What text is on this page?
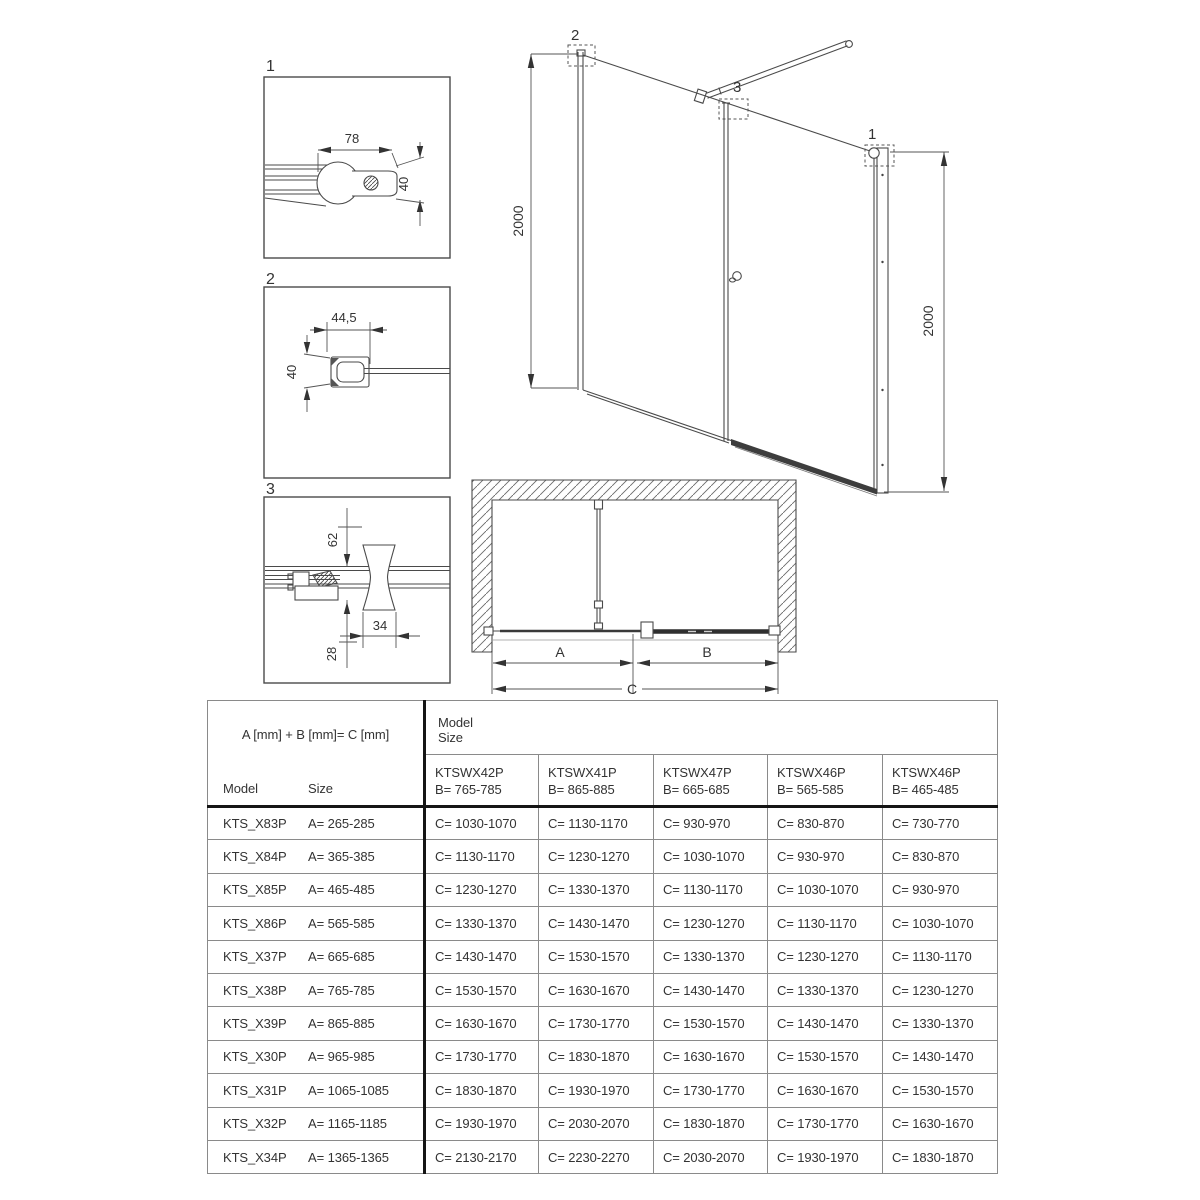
1
78
40
2
44,5
40
3
62
28
34
2
3
1
2000
2000
A	B
C
A [mm] + B [mm]= C [mm]
Model	Size

Model
Size

KTSWX42P
B= 765-785

KTSWX41P
B= 865-885

KTSWX47P
B= 665-685

KTSWX46P
B= 565-585

KTSWX46P
B= 465-485

KTS_X83P A= 265-285	C= 1030-1070	C= 1130-1170	C= 930-970	C= 830-870	C= 730-770
KTS_X84P A= 365-385	C= 1130-1170	C= 1230-1270	C= 1030-1070	C= 930-970	C= 830-870
KTS_X85P A= 465-485	C= 1230-1270	C= 1330-1370	C= 1130-1170	C= 1030-1070	C= 930-970
KTS_X86P A= 565-585	C= 1330-1370	C= 1430-1470	C= 1230-1270	C= 1130-1170	C= 1030-1070
KTS_X37P A= 665-685	C= 1430-1470	C= 1530-1570	C= 1330-1370	C= 1230-1270	C= 1130-1170
KTS_X38P A= 765-785	C= 1530-1570	C= 1630-1670	C= 1430-1470	C= 1330-1370	C= 1230-1270
KTS_X39P A= 865-885	C= 1630-1670	C= 1730-1770	C= 1530-1570	C= 1430-1470	C= 1330-1370
KTS_X30P A= 965-985	C= 1730-1770	C= 1830-1870	C= 1630-1670	C= 1530-1570	C= 1430-1470
KTS_X31P A= 1065-1085	C= 1830-1870	C= 1930-1970	C= 1730-1770	C= 1630-1670	C= 1530-1570
KTS_X32P A= 1165-1185	C= 1930-1970	C= 2030-2070	C= 1830-1870	C= 1730-1770	C= 1630-1670
KTS_X34P A= 1365-1365	C= 2130-2170	C= 2230-2270	C= 2030-2070	C= 1930-1970	C= 1830-1870
